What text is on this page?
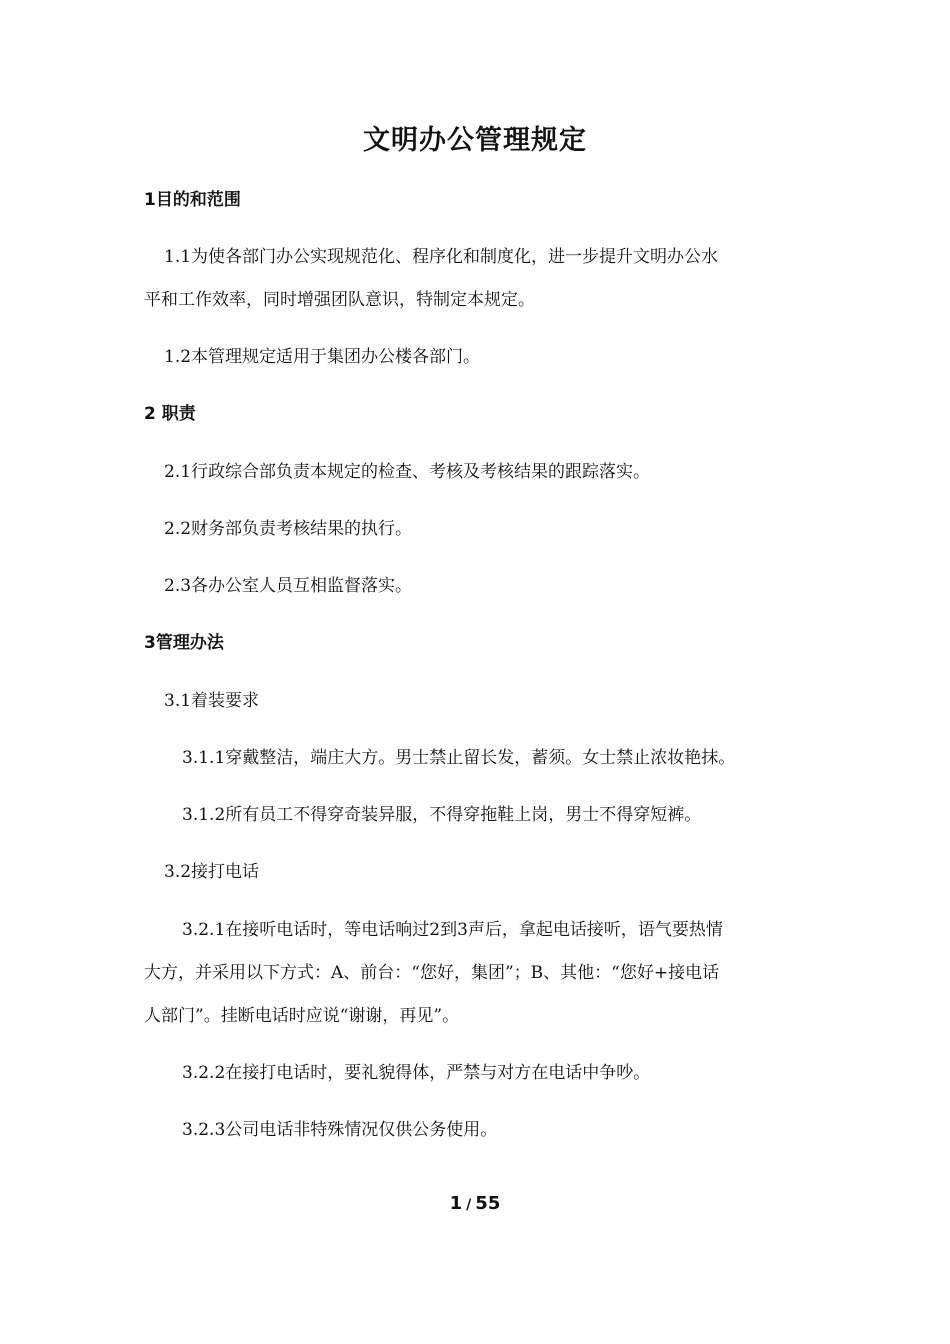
文明办公管理规定
1目的和范围
1.1为使各部门办公实现规范化、程序化和制度化，进一步提升文明办公水
平和工作效率，同时增强团队意识，特制定本规定。
1.2本管理规定适用于集团办公楼各部门。
2 职责
2.1行政综合部负责本规定的检查、考核及考核结果的跟踪落实。
2.2财务部负责考核结果的执行。
2.3各办公室人员互相监督落实。
3管理办法
3.1着装要求
3.1.1穿戴整洁，端庄大方。男士禁止留长发，蓄须。女士禁止浓妆艳抹。
3.1.2所有员工不得穿奇装异服，不得穿拖鞋上岗，男士不得穿短裤。
3.2接打电话
3.2.1在接听电话时，等电话响过2到3声后，拿起电话接听，语气要热情
大方，并采用以下方式：A、前台：“您好，集团”；B、其他：“您好+接电话
人部门”。挂断电话时应说“谢谢，再见”。
3.2.2在接打电话时，要礼貌得体，严禁与对方在电话中争吵。
3.2.3公司电话非特殊情况仅供公务使用。
1 / 55
